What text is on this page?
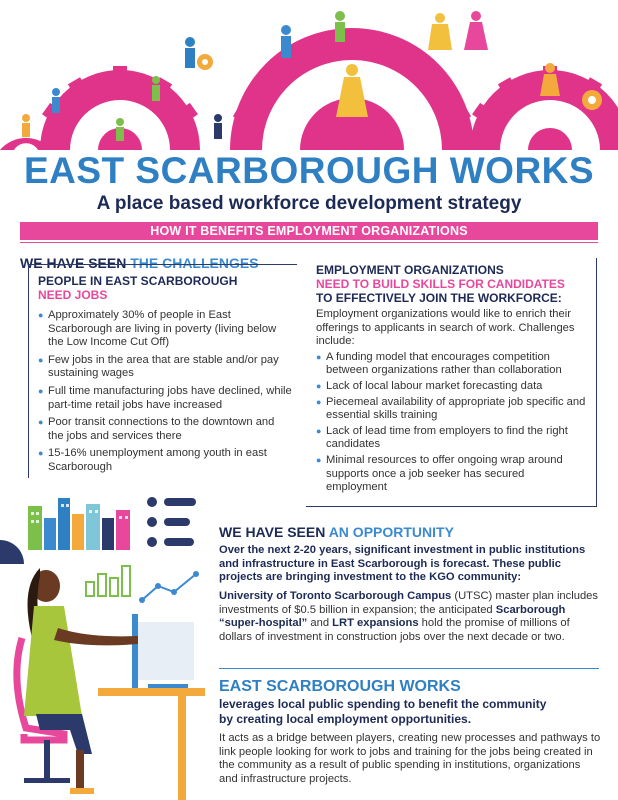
EAST SCARBOROUGH WORKS
A place based workforce development strategy
HOW IT BENEFITS EMPLOYMENT ORGANIZATIONS
WE HAVE SEEN THE CHALLENGES
PEOPLE IN EAST SCARBOROUGH
NEED JOBS
● Approximately 30% of people in East Scarborough are living in poverty (living below the Low Income Cut Off)
● Few jobs in the area that are stable and/or pay sustaining wages
● Full time manufacturing jobs have declined, while part-time retail jobs have increased
● Poor transit connections to the downtown and the jobs and services there
● 15-16% unemployment among youth in east Scarborough
EMPLOYMENT ORGANIZATIONS
NEED TO BUILD SKILLS FOR CANDIDATES
TO EFFECTIVELY JOIN THE WORKFORCE:
Employment organizations would like to enrich their offerings to applicants in search of work. Challenges include:
● A funding model that encourages competition between organizations rather than collaboration
● Lack of local labour market forecasting data
● Piecemeal availability of appropriate job specific and essential skills training
● Lack of lead time from employers to find the right candidates
● Minimal resources to offer ongoing wrap around supports once a job seeker has secured employment
WE HAVE SEEN AN OPPORTUNITY
Over the next 2-20 years, significant investment in public institutions and infrastructure in East Scarborough is forecast. These public projects are bringing investment to the KGO community:
University of Toronto Scarborough Campus (UTSC) master plan includes investments of $0.5 billion in expansion; the anticipated Scarborough “super-hospital” and LRT expansions hold the promise of millions of dollars of investment in construction jobs over the next decade or two.
EAST SCARBOROUGH WORKS
leverages local public spending to benefit the community by creating local employment opportunities.
It acts as a bridge between players, creating new processes and pathways to link people looking for work to jobs and training for the jobs being created in the community as a result of public spending in institutions, organizations and infrastructure projects.
